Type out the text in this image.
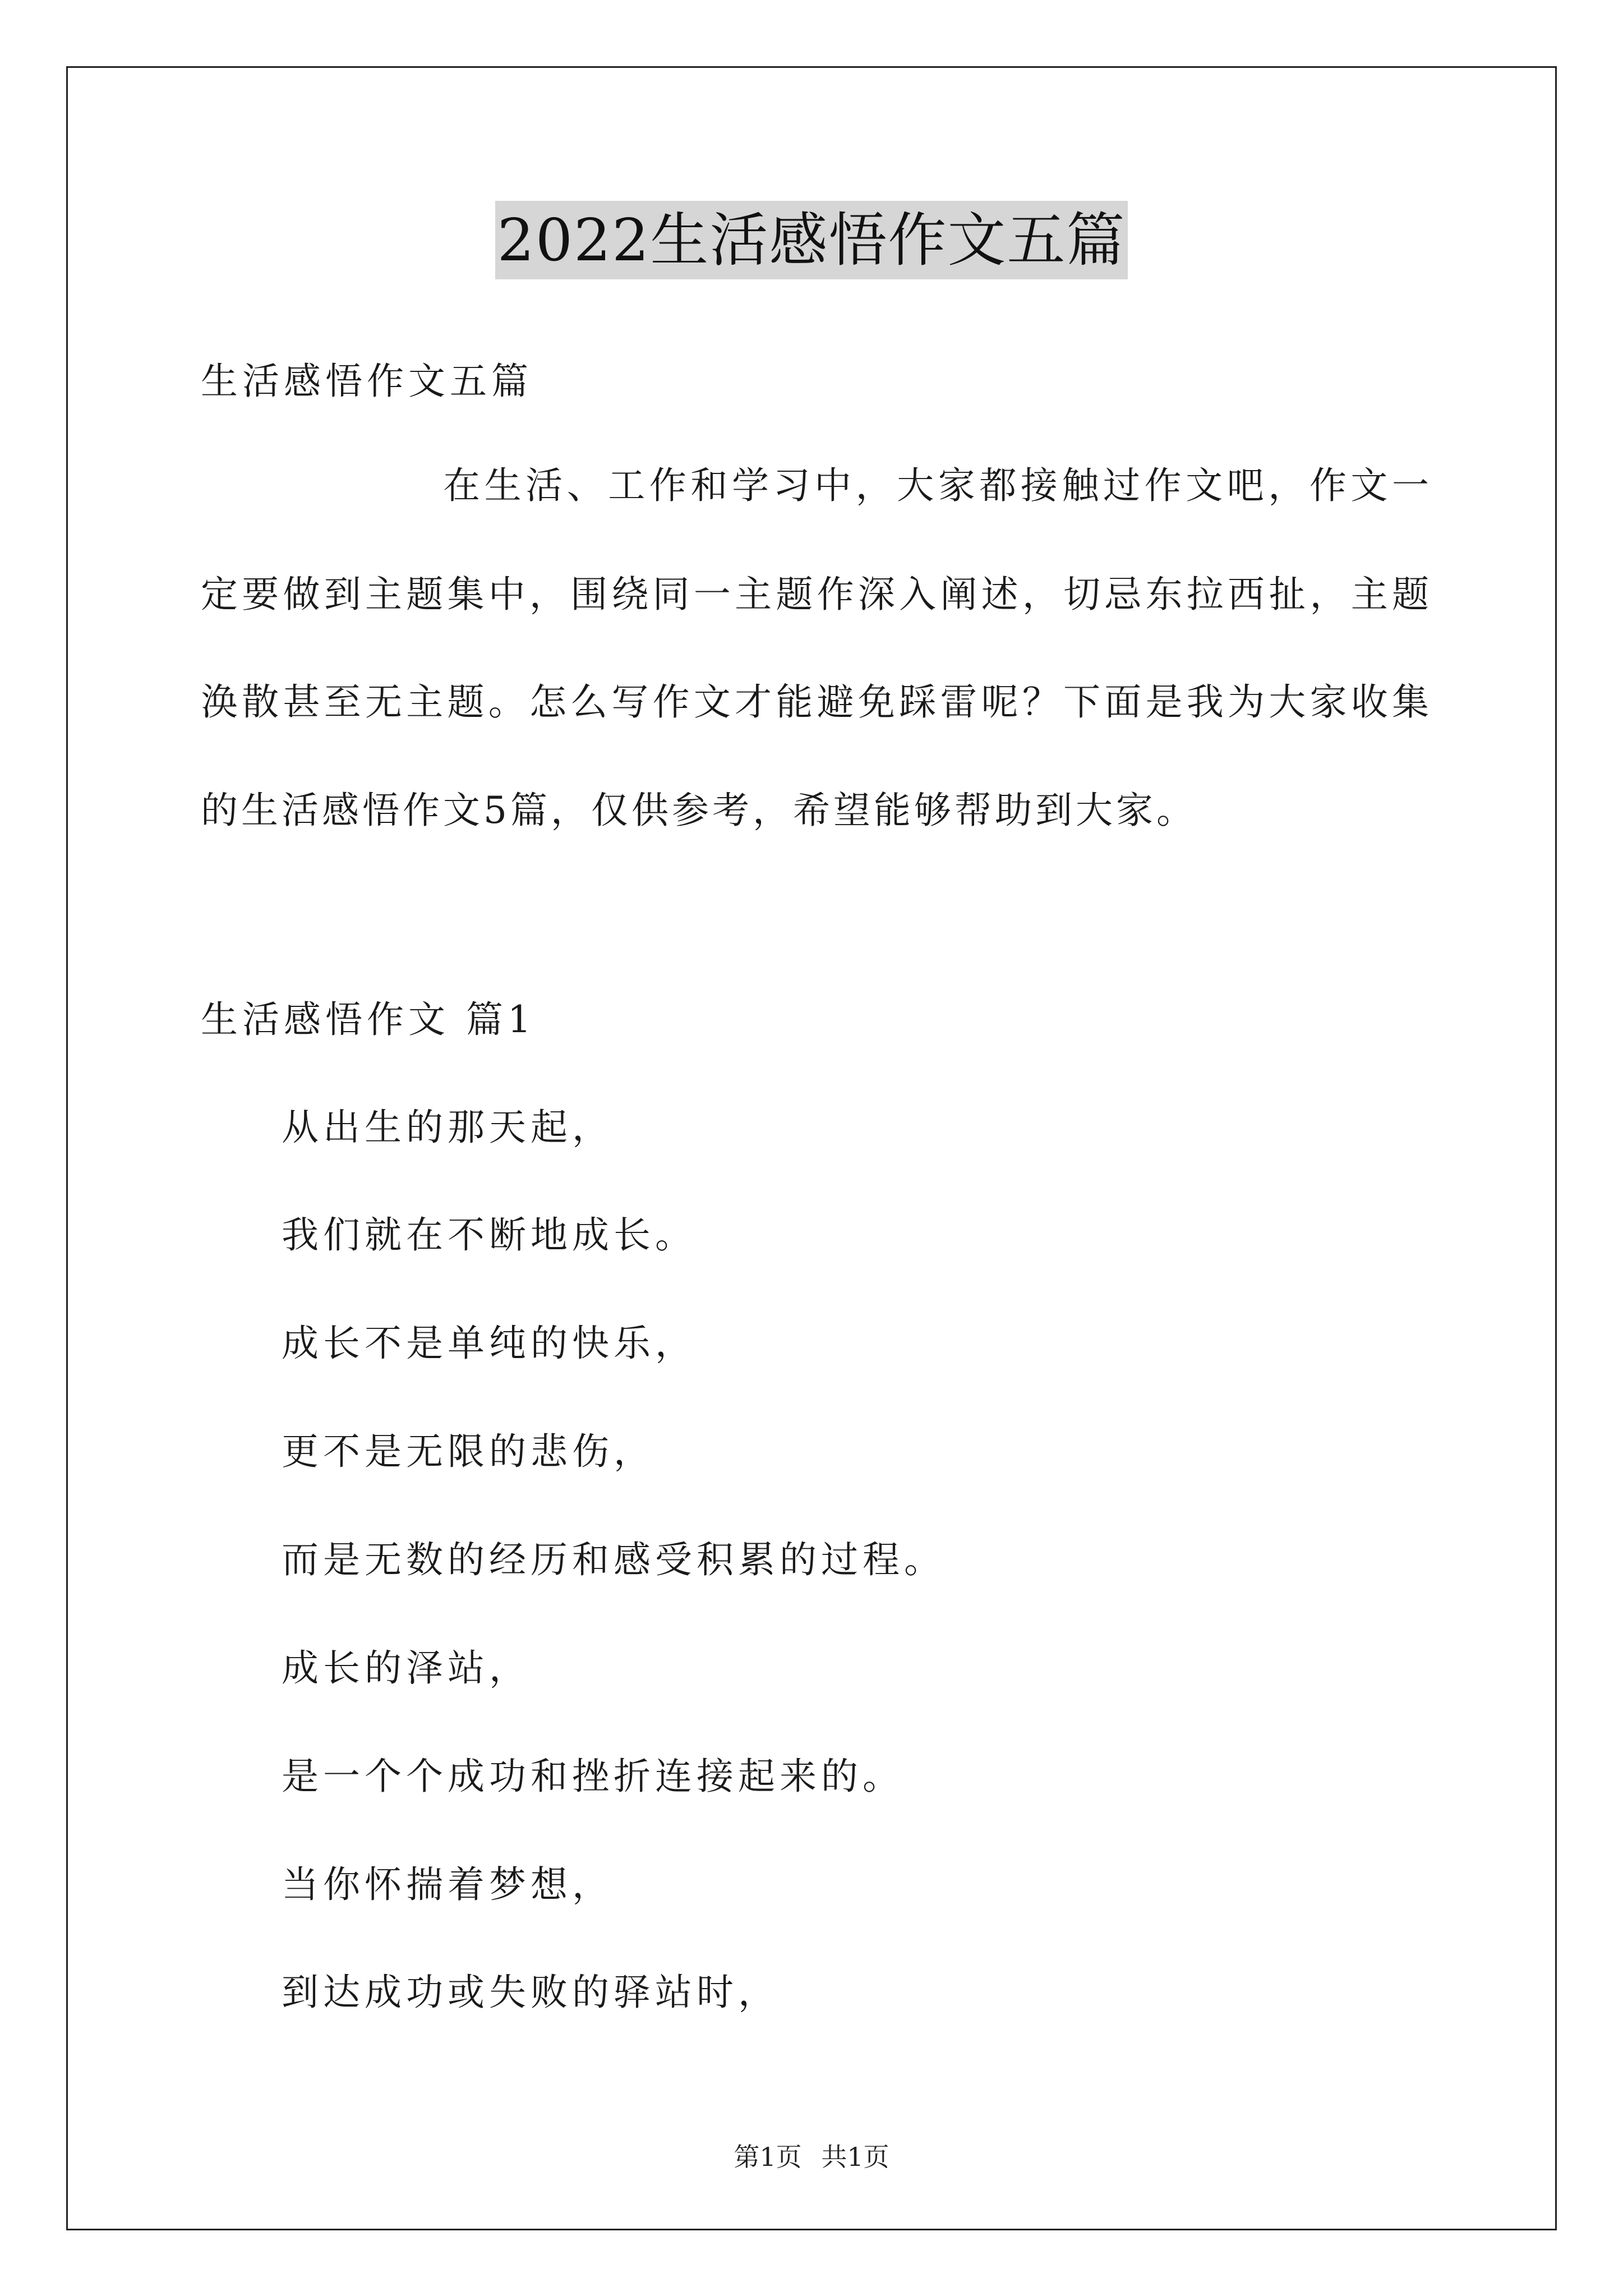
2022生活感悟作文五篇
生活感悟作文五篇
在生活、工作和学习中，大家都接触过作文吧，作文一
定要做到主题集中，围绕同一主题作深入阐述，切忌东拉西扯，主题
涣散甚至无主题。怎么写作文才能避免踩雷呢？下面是我为大家收集
的生活感悟作文5篇，仅供参考，希望能够帮助到大家。
生活感悟作文 篇1
从出生的那天起，
我们就在不断地成长。
成长不是单纯的快乐，
更不是无限的悲伤，
而是无数的经历和感受积累的过程。
成长的泽站，
是一个个成功和挫折连接起来的。
当你怀揣着梦想，
到达成功或失败的驿站时，
第1页 共1页
